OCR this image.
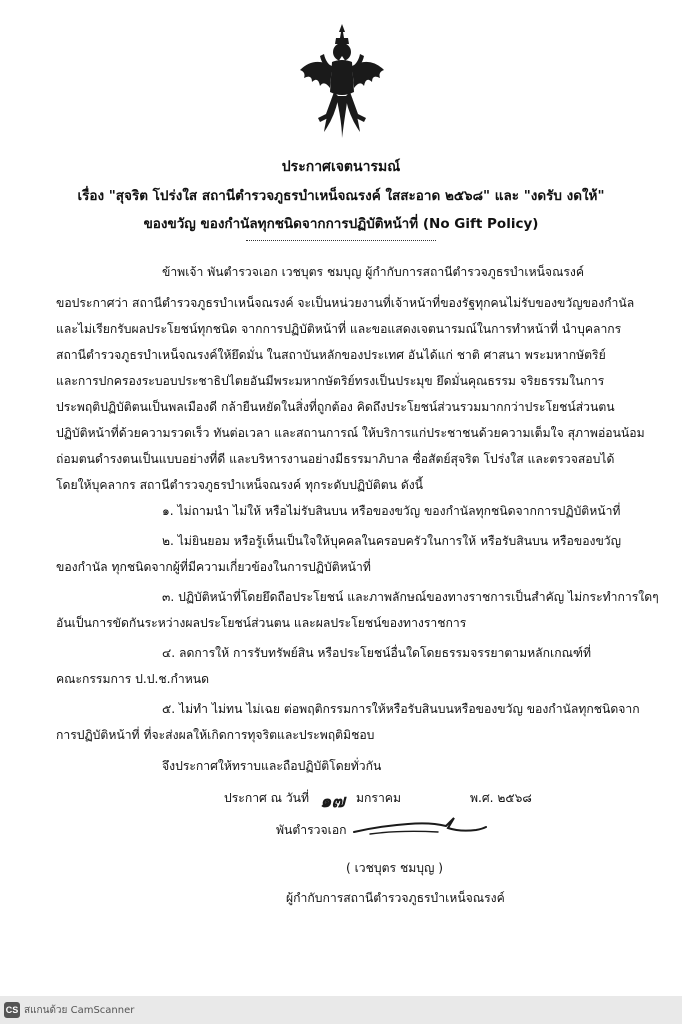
ประกาศเจตนารมณ์
เรื่อง "สุจริต โปร่งใส สถานีตำรวจภูธรบำเหน็จณรงค์ ใสสะอาด ๒๕๖๘" และ "งดรับ งดให้"
ของขวัญ ของกำนัลทุกชนิดจากการปฏิบัติหน้าที่ (No Gift Policy)
ข้าพเจ้า พันตำรวจเอก เวชบุตร ชมบุญ ผู้กำกับการสถานีตำรวจภูธรบำเหน็จณรงค์
ขอประกาศว่า สถานีตำรวจภูธรบำเหน็จณรงค์ จะเป็นหน่วยงานที่เจ้าหน้าที่ของรัฐทุกคนไม่รับของขวัญของกำนัล
และไม่เรียกรับผลประโยชน์ทุกชนิด จากการปฏิบัติหน้าที่ และขอแสดงเจตนารมณ์ในการทำหน้าที่ นำบุคลากร
สถานีตำรวจภูธรบำเหน็จณรงค์ให้ยึดมั่น ในสถาบันหลักของประเทศ อันได้แก่ ชาติ ศาสนา พระมหากษัตริย์
และการปกครองระบอบประชาธิปไตยอันมีพระมหากษัตริย์ทรงเป็นประมุข ยึดมั่นคุณธรรม จริยธรรมในการ
ประพฤติปฏิบัติตนเป็นพลเมืองดี กล้ายืนหยัดในสิ่งที่ถูกต้อง คิดถึงประโยชน์ส่วนรวมมากกว่าประโยชน์ส่วนตน
ปฏิบัติหน้าที่ด้วยความรวดเร็ว ทันต่อเวลา และสถานการณ์ ให้บริการแก่ประชาชนด้วยความเต็มใจ สุภาพอ่อนน้อม
ถ่อมตนดำรงตนเป็นแบบอย่างที่ดี และบริหารงานอย่างมีธรรมาภิบาล ซื่อสัตย์สุจริต โปร่งใส และตรวจสอบได้
โดยให้บุคลากร สถานีตำรวจภูธรบำเหน็จณรงค์ ทุกระดับปฏิบัติตน ดังนี้
๑. ไม่ถามนำ ไม่ให้ หรือไม่รับสินบน หรือของขวัญ ของกำนัลทุกชนิดจากการปฏิบัติหน้าที่
๒. ไม่ยินยอม หรือรู้เห็นเป็นใจให้บุคคลในครอบครัวในการให้ หรือรับสินบน หรือของขวัญ
ของกำนัล ทุกชนิดจากผู้ที่มีความเกี่ยวข้องในการปฏิบัติหน้าที่
๓. ปฏิบัติหน้าที่โดยยึดถือประโยชน์ และภาพลักษณ์ของทางราชการเป็นสำคัญ ไม่กระทำการใดๆ
อันเป็นการขัดกันระหว่างผลประโยชน์ส่วนตน และผลประโยชน์ของทางราชการ
๔. ลดการให้ การรับทรัพย์สิน หรือประโยชน์อื่นใดโดยธรรมจรรยาตามหลักเกณฑ์ที่
คณะกรรมการ ป.ป.ช.กำหนด
๕. ไม่ทำ ไม่ทน ไม่เฉย ต่อพฤติกรรมการให้หรือรับสินบนหรือของขวัญ ของกำนัลทุกชนิดจาก
การปฏิบัติหน้าที่ ที่จะส่งผลให้เกิดการทุจริตและประพฤติมิชอบ
จึงประกาศให้ทราบและถือปฏิบัติโดยทั่วกัน
ประกาศ ณ วันที่ ๑๗ มกราคม	พ.ศ. ๒๕๖๘
พันตำรวจเอก
( เวชบุตร ชมบุญ )
ผู้กำกับการสถานีตำรวจภูธรบำเหน็จณรงค์
CS สแกนด้วย CamScanner
